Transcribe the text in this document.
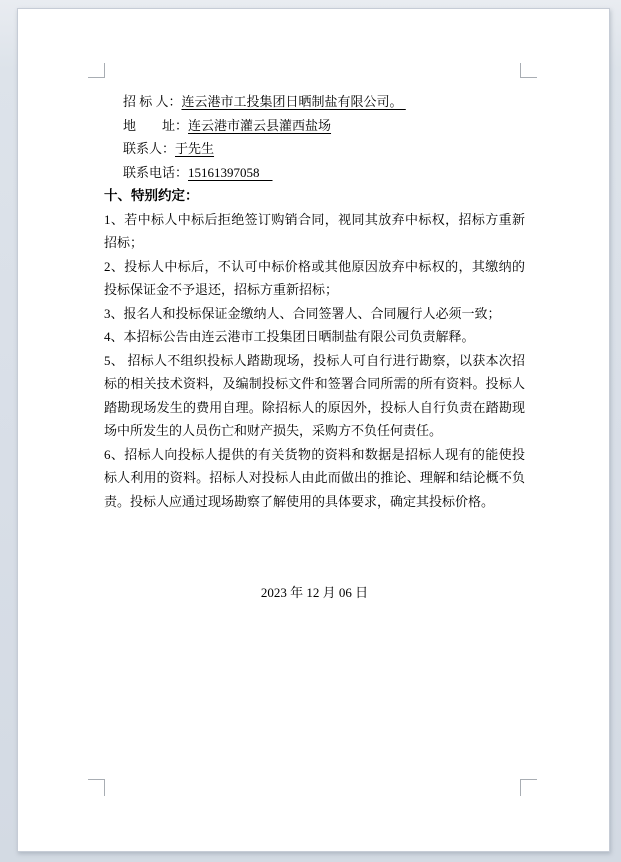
招 标 人：连云港市工投集团日晒制盐有限公司。
地　　址：连云港市灌云县灌西盐场
联系人：于先生
联系电话：15161397058
十、特别约定：

1、若中标人中标后拒绝签订购销合同，视同其放弃中标权，招标方重新招标；

2、投标人中标后，不认可中标价格或其他原因放弃中标权的，其缴纳的投标保证金不予退还，招标方重新招标；

3、报名人和投标保证金缴纳人、合同签署人、合同履行人必须一致；

4、本招标公告由连云港市工投集团日晒制盐有限公司负责解释。

5、 招标人不组织投标人踏勘现场，投标人可自行进行勘察，以获本次招标的相关技术资料，及编制投标文件和签署合同所需的所有资料。投标人踏勘现场发生的费用自理。除招标人的原因外，投标人自行负责在踏勘现场中所发生的人员伤亡和财产损失，采购方不负任何责任。

6、招标人向投标人提供的有关货物的资料和数据是招标人现有的能使投标人利用的资料。招标人对投标人由此而做出的推论、理解和结论概不负责。投标人应通过现场勘察了解使用的具体要求，确定其投标价格。

2023 年 12 月 06 日
